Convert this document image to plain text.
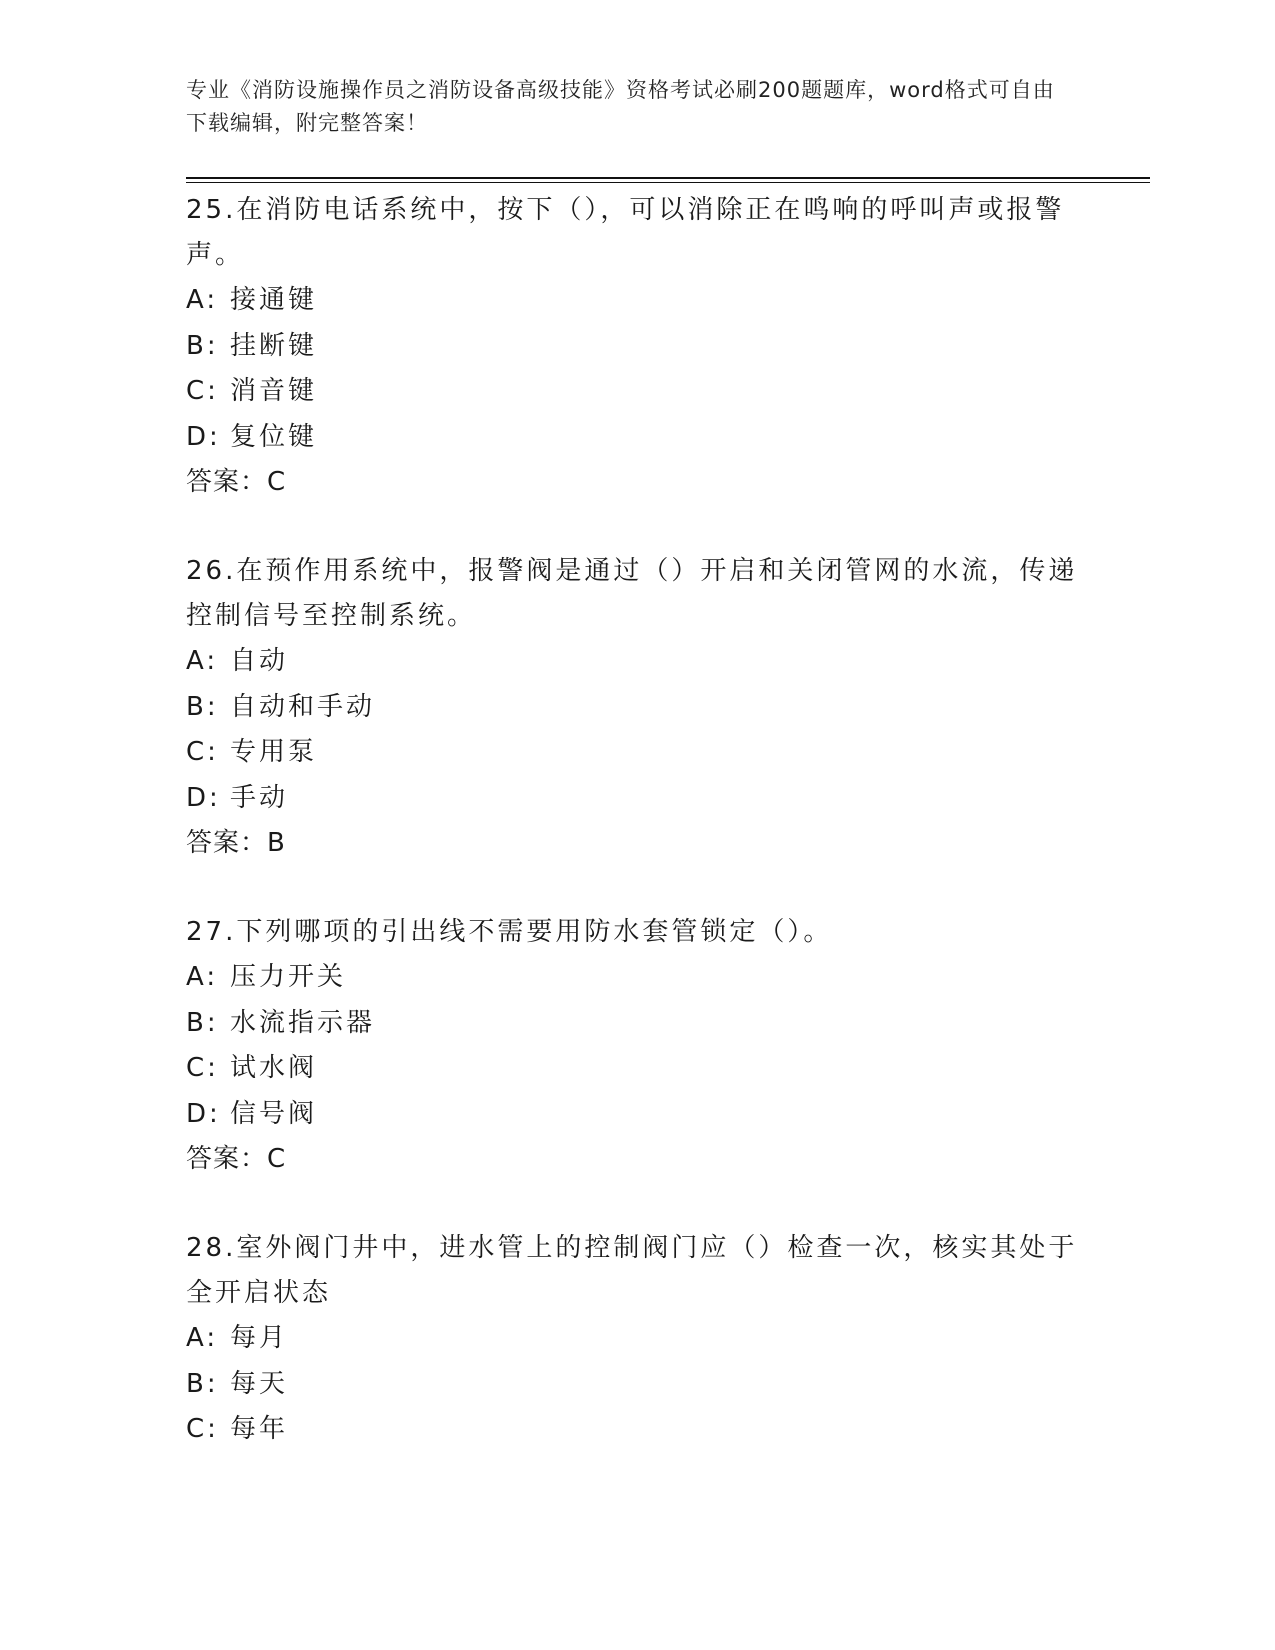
专业《消防设施操作员之消防设备高级技能》资格考试必刷200题题库，word格式可自由下载编辑，附完整答案！

25.在消防电话系统中，按下（），可以消除正在鸣响的呼叫声或报警声。

A: 接通键

B: 挂断键

C: 消音键

D: 复位键

答案：C

26.在预作用系统中，报警阀是通过（）开启和关闭管网的水流，传递控制信号至控制系统。

A: 自动

B: 自动和手动

C: 专用泵

D: 手动

答案：B

27.下列哪项的引出线不需要用防水套管锁定（）。

A: 压力开关

B: 水流指示器

C: 试水阀

D: 信号阀

答案：C

28.室外阀门井中，进水管上的控制阀门应（）检查一次，核实其处于全开启状态

A: 每月

B: 每天

C: 每年
